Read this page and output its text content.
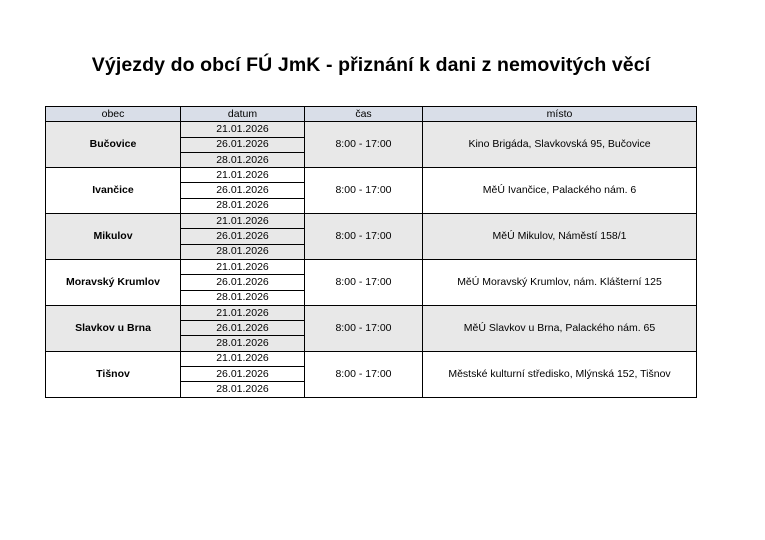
Výjezdy do obcí FÚ JmK - přiznání k dani z nemovitých věcí
obec	datum	čas	místo
Bučovice	21.01.2026	8:00 - 17:00	Kino Brigáda, Slavkovská 95, Bučovice
	26.01.2026		
	28.01.2026		
Ivančice	21.01.2026	8:00 - 17:00	MěÚ Ivančice, Palackého nám. 6
	26.01.2026		
	28.01.2026		
Mikulov	21.01.2026	8:00 - 17:00	MěÚ Mikulov, Náměstí 158/1
	26.01.2026		
	28.01.2026		
Moravský Krumlov	21.01.2026	8:00 - 17:00	MěÚ Moravský Krumlov, nám. Klášterní 125
	26.01.2026		
	28.01.2026		
Slavkov u Brna	21.01.2026	8:00 - 17:00	MěÚ Slavkov u Brna, Palackého nám. 65
	26.01.2026		
	28.01.2026		
Tišnov	21.01.2026	8:00 - 17:00	Městské kulturní středisko, Mlýnská 152, Tišnov
	26.01.2026		
	28.01.2026		
